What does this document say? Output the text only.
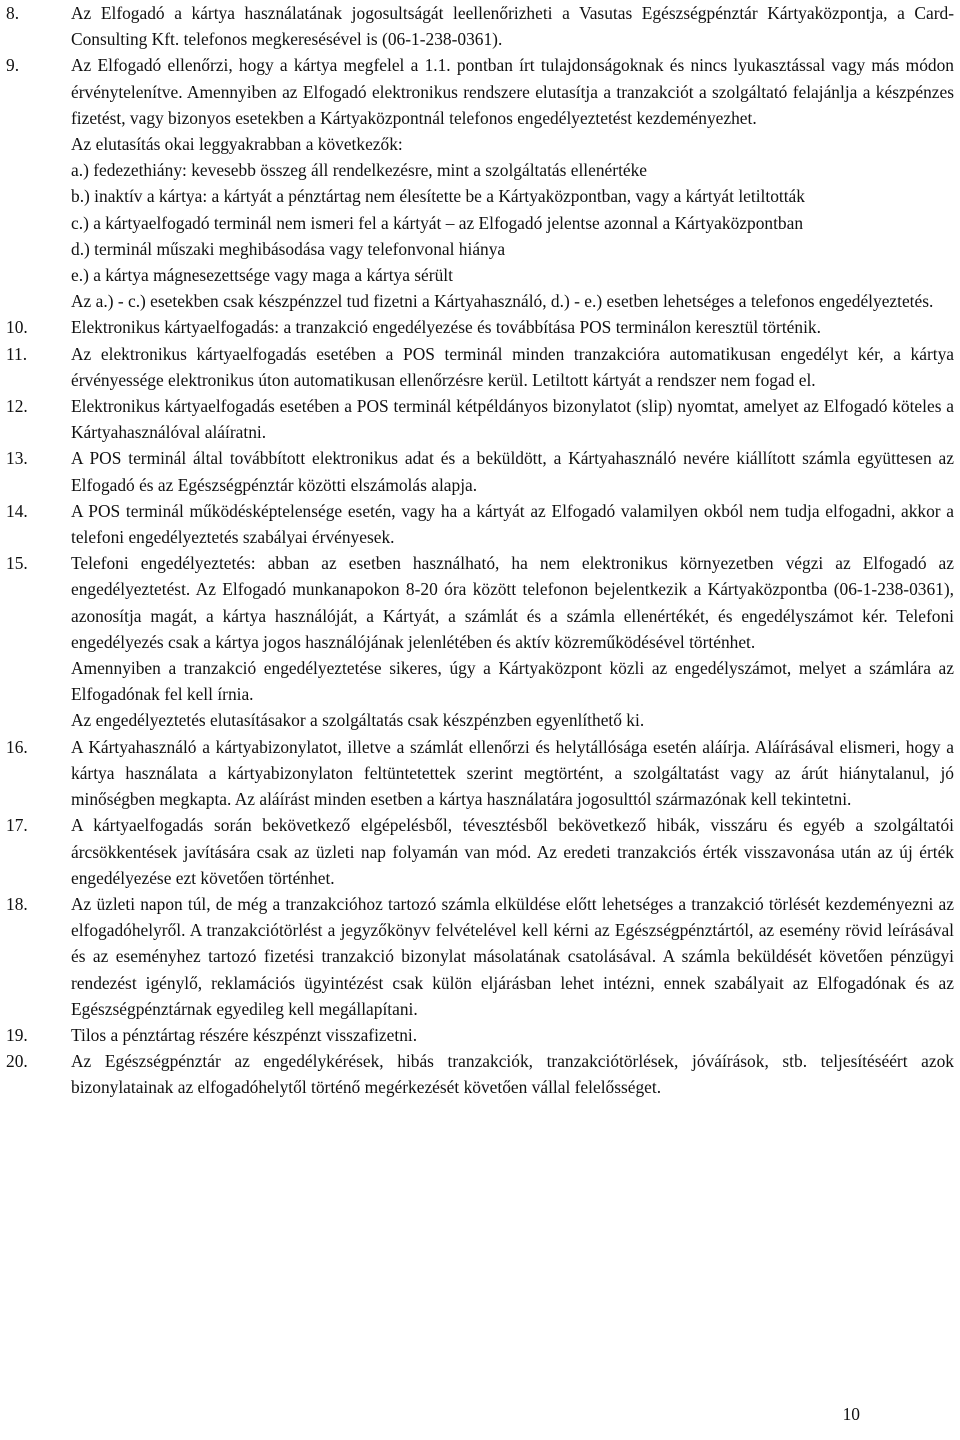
8.	Az Elfogadó a kártya használatának jogosultságát leellenőrizheti a Vasutas Egészségpénztár Kártyaközpontja, a Card-Consulting Kft. telefonos megkeresésével is (06-1-238-0361).

9.	Az Elfogadó ellenőrzi, hogy a kártya megfelel a 1.1. pontban írt tulajdonságoknak és nincs lyukasztással vagy más módon érvénytelenítve. Amennyiben az Elfogadó elektronikus rendszere elutasítja a tranzakciót a szolgáltató felajánlja a készpénzes fizetést, vagy bizonyos esetekben a Kártyaközpontnál telefonos engedélyeztetést kezdeményezhet.

Az elutasítás okai leggyakrabban a következők:

a.) fedezethiány: kevesebb összeg áll rendelkezésre, mint a szolgáltatás ellenértéke

b.) inaktív a kártya: a kártyát a pénztártag nem élesítette be a Kártyaközpontban, vagy a kártyát letiltották

c.) a kártyaelfogadó terminál nem ismeri fel a kártyát – az Elfogadó jelentse azonnal a Kártyaközpontban

d.) terminál műszaki meghibásodása vagy telefonvonal hiánya

e.) a kártya mágnesezettsége vagy maga a kártya sérült

Az a.) - c.) esetekben csak készpénzzel tud fizetni a Kártyahasználó, d.) - e.) esetben lehetséges a telefonos engedélyeztetés.

10.	Elektronikus kártyaelfogadás: a tranzakció engedélyezése és továbbítása POS terminálon keresztül történik.

11.	Az elektronikus kártyaelfogadás esetében a POS terminál minden tranzakcióra automatikusan engedélyt kér, a kártya érvényessége elektronikus úton automatikusan ellenőrzésre kerül. Letiltott kártyát a rendszer nem fogad el.

12.	Elektronikus kártyaelfogadás esetében a POS terminál kétpéldányos bizonylatot (slip) nyomtat, amelyet az Elfogadó köteles a Kártyahasználóval aláíratni.

13.	A POS terminál által továbbított elektronikus adat és a beküldött, a Kártyahasználó nevére kiállított számla együttesen az Elfogadó és az Egészségpénztár közötti elszámolás alapja.

14.	A POS terminál működésképtelensége esetén, vagy ha a kártyát az Elfogadó valamilyen okból nem tudja elfogadni, akkor a telefoni engedélyeztetés szabályai érvényesek.

15.	Telefoni engedélyeztetés: abban az esetben használható, ha nem elektronikus környezetben végzi az Elfogadó az engedélyeztetést. Az Elfogadó munkanapokon 8-20 óra között telefonon bejelentkezik a Kártyaközpontba (06-1-238-0361), azonosítja magát, a kártya használóját, a Kártyát, a számlát és a számla ellenértékét, és engedélyszámot kér. Telefoni engedélyezés csak a kártya jogos használójának jelenlétében és aktív közreműködésével történhet.

Amennyiben a tranzakció engedélyeztetése sikeres, úgy a Kártyaközpont közli az engedélyszámot, melyet a számlára az Elfogadónak fel kell írnia.

Az engedélyeztetés elutasításakor a szolgáltatás csak készpénzben egyenlíthető ki.

16.	A Kártyahasználó a kártyabizonylatot, illetve a számlát ellenőrzi és helytállósága esetén aláírja. Aláírásával elismeri, hogy a kártya használata a kártyabizonylaton feltüntetettek szerint megtörtént, a szolgáltatást vagy az árút hiánytalanul, jó minőségben megkapta. Az aláírást minden esetben a kártya használatára jogosulttól származónak kell tekintetni.

17.	A kártyaelfogadás során bekövetkező elgépelésből, tévesztésből bekövetkező hibák, visszáru és egyéb a szolgáltatói árcsökkentések javítására csak az üzleti nap folyamán van mód. Az eredeti tranzakciós érték visszavonása után az új érték engedélyezése ezt követően történhet.

18.	Az üzleti napon túl, de még a tranzakcióhoz tartozó számla elküldése előtt lehetséges a tranzakció törlését kezdeményezni az elfogadóhelyről. A tranzakciótörlést a jegyzőkönyv felvételével kell kérni az Egészségpénztártól, az esemény rövid leírásával és az eseményhez tartozó fizetési tranzakció bizonylat másolatának csatolásával. A számla beküldését követően pénzügyi rendezést igénylő, reklamációs ügyintézést csak külön eljárásban lehet intézni, ennek szabályait az Elfogadónak és az Egészségpénztárnak egyedileg kell megállapítani.

19.	Tilos a pénztártag részére készpénzt visszafizetni.

20.	Az Egészségpénztár az engedélykérések, hibás tranzakciók, tranzakciótörlések, jóváírások, stb. teljesítéséért azok bizonylatainak az elfogadóhelytől történő megérkezését követően vállal felelősséget.

10
